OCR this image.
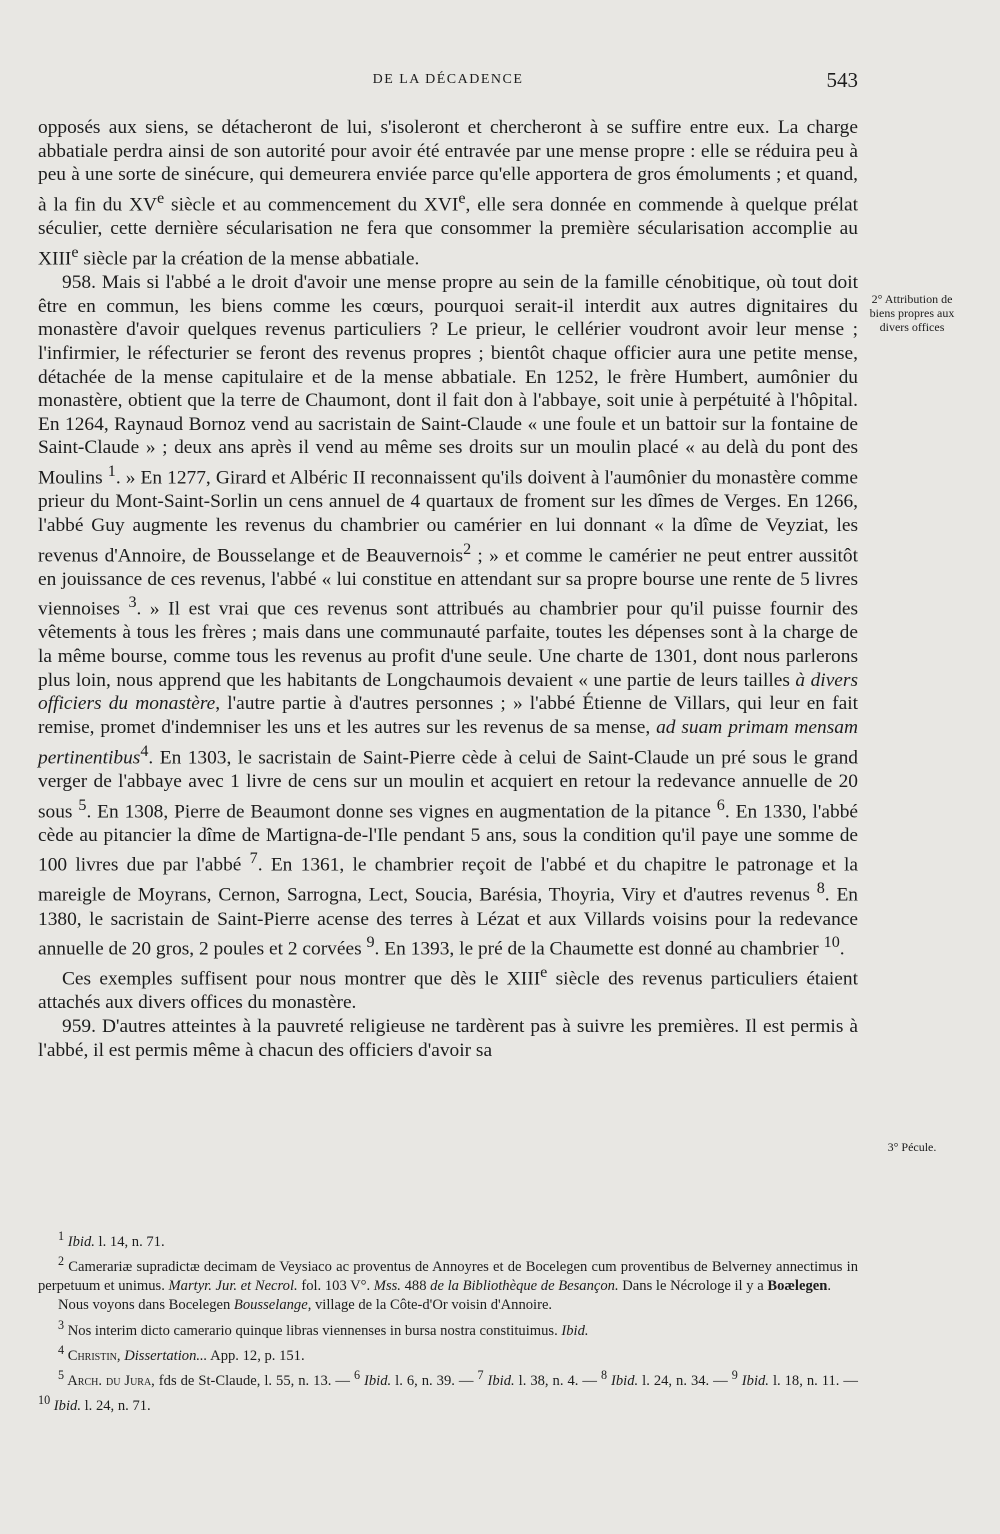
DE LA DÉCADENCE	543

opposés aux siens, se détacheront de lui, s'isoleront et chercheront à se suffire entre eux. La charge abbatiale perdra ainsi de son autorité pour avoir été entravée par une mense propre : elle se réduira peu à peu à une sorte de sinécure, qui demeurera enviée parce qu'elle apportera de gros émoluments ; et quand, à la fin du XVe siècle et au commencement du XVIe, elle sera donnée en commende à quelque prélat séculier, cette dernière sécularisation ne fera que consommer la première sécularisation accomplie au XIIIe siècle par la création de la mense abbatiale.

958. Mais si l'abbé a le droit d'avoir une mense propre au sein de la famille cénobitique, où tout doit être en commun, les biens comme les cœurs, pourquoi serait-il interdit aux autres dignitaires du monastère d'avoir quelques revenus particuliers ? Le prieur, le cellérier voudront avoir leur mense ; l'infirmier, le réfecturier se feront des revenus propres ; bientôt chaque officier aura une petite mense, détachée de la mense capitulaire et de la mense abbatiale. En 1252, le frère Humbert, aumônier du monastère, obtient que la terre de Chaumont, dont il fait don à l'abbaye, soit unie à perpétuité à l'hôpital. En 1264, Raynaud Bornoz vend au sacristain de Saint-Claude « une foule et un battoir sur la fontaine de Saint-Claude » ; deux ans après il vend au même ses droits sur un moulin placé « au delà du pont des Moulins $^1$. » En 1277, Girard et Albéric II reconnaissent qu'ils doivent à l'aumônier du monastère comme prieur du Mont-Saint-Sorlin un cens annuel de 4 quartaux de froment sur les dîmes de Verges. En 1266, l'abbé Guy augmente les revenus du chambrier ou camérier en lui donnant « la dîme de Veyziat, les revenus d'Annoire, de Bousselange et de Beauvernois$^2$ ; » et comme le camérier ne peut entrer aussitôt en jouissance de ces revenus, l'abbé « lui constitue en attendant sur sa propre bourse une rente de 5 livres viennoises $^3$. » Il est vrai que ces revenus sont attribués au chambrier pour qu'il puisse fournir des vêtements à tous les frères ; mais dans une communauté parfaite, toutes les dépenses sont à la charge de la même bourse, comme tous les revenus au profit d'une seule. Une charte de 1301, dont nous parlerons plus loin, nous apprend que les habitants de Longchaumois devaient « une partie de leurs tailles à divers officiers du monastère, l'autre partie à d'autres personnes ; » l'abbé Étienne de Villars, qui leur en fait remise, promet d'indemniser les uns et les autres sur les revenus de sa mense, ad suam primam mensam pertinentibus$^4$. En 1303, le sacristain de Saint-Pierre cède à celui de Saint-Claude un pré sous le grand verger de l'abbaye avec 1 livre de cens sur un moulin et acquiert en retour la redevance annuelle de 20 sous $^5$. En 1308, Pierre de Beaumont donne ses vignes en augmentation de la pitance $^6$. En 1330, l'abbé cède au pitancier la dîme de Martigna-de-l'Ile pendant 5 ans, sous la condition qu'il paye une somme de 100 livres due par l'abbé $^7$. En 1361, le chambrier reçoit de l'abbé et du chapitre le patronage et la mareigle de Moyrans, Cernon, Sarrogna, Lect, Soucia, Barésia, Thoyria, Viry et d'autres revenus $^8$. En 1380, le sacristain de Saint-Pierre acense des terres à Lézat et aux Villards voisins pour la redevance annuelle de 20 gros, 2 poules et 2 corvées $^9$. En 1393, le pré de la Chaumette est donné au chambrier $^{10}$.

Ces exemples suffisent pour nous montrer que dès le XIIIe siècle des revenus particuliers étaient attachés aux divers offices du monastère.

959. D'autres atteintes à la pauvreté religieuse ne tardèrent pas à suivre les premières. Il est permis à l'abbé, il est permis même à chacun des officiers d'avoir sa

2° Attribution de biens propres aux divers offices
3° Pécule.

$^1$ Ibid. l. 14, n. 71.

$^2$ Camerariæ supradictæ decimam de Veysiaco ac proventus de Annoyres et de Bocelegen cum proventibus de Belverney annectimus in perpetuum et unimus. Martyr. Jur. et Necrol. fol. 103 V°. Mss. 488 de la Bibliothèque de Besançon. Dans le Nécrologe il y a Boælegen.

Nous voyons dans Bocelegen Bousselange, village de la Côte-d'Or voisin d'Annoire.

$^3$ Nos interim dicto camerario quinque libras viennenses in bursa nostra constituimus. Ibid.

$^4$ Christin, Dissertation... App. 12, p. 151.

$^5$ Arch. du Jura, fds de St-Claude, l. 55, n. 13. — $^6$ Ibid. l. 6, n. 39. — $^7$ Ibid. l. 38, n. 4. — $^8$ Ibid. l. 24, n. 34. — $^9$ Ibid. l. 18, n. 11. — $^{10}$ Ibid. l. 24, n. 71.
